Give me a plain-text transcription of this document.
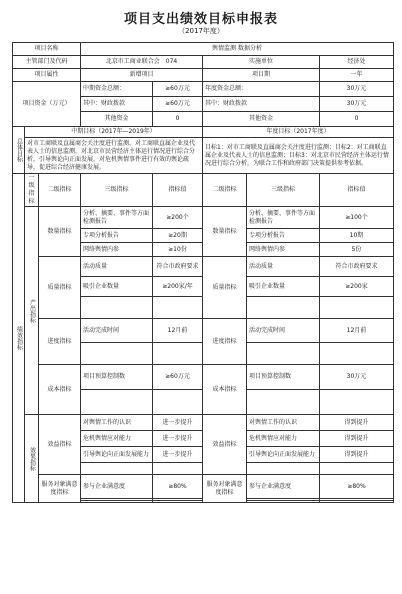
项目支出绩效目标申报表
（2017年度）
项目名称			舆情监测 数据分析				
主管部门及代码			北京市工商业联合会　074		实施单位		经济处
项目属性			新增项目		项目期		一年
项目资金（万元）			中期资金总额：	≥60万元	年度资金总额：		30万元
			其中：财政拨款	≥60万元	其中：财政拨款		30万元
			其他资金	0	其他资金		0
总体目标	中期目标（2017年—2019年）				年度目标（2017年度）		
	对市工商联及直属商会关注度进行监测，对工商联直属企业及代表人士的信息监测，对北京市民营经济主体运行情况进行综合分析，引导舆论向正面发展，对危机舆情事件进行有效的舆论疏导，促进综合经济健康发展。				目标1：对市工商联及直属商会关注度进行监测；目标2：对工商联直属企业及代表人士的信息监测；目标3：对北京市民营经济主体运行情况进行综合分析，为联合工作和政府部门决策提供参考依据。		
绩效指标	一级指标	二级指标	三级指标	指标值	二级指标	三级指标	指标值
	产出指标	数量指标	分析、摘要、事件等方面检测报告	≥200个	数量指标	分析、摘要、事件等方面检测报告	≥100个
			专项分析报告	≥20期		专项分析报告	10期
			网络舆情内参	≥10份		网络舆情内参	5份
		质量指标	活动质量	符合市政府要求	质量指标	活动质量	符合市政府要求
			吸引企业数量	≥200家/年		吸引企业数量	≥200家

		进度指标	活动完成时间	12月前	进度指标	活动完成时间	12月前

		成本指标	项目预算控制数	≥60万元	成本指标	项目预算控制数	30万元

	效果指标	效益指标	对舆情工作的认识	进一步提升	效益指标	对舆情工作的认识	得到提升
			危机舆情应对能力	进一步提升		危机舆情应对能力	得到提升
			引导舆论向正面发展能力	进一步提升		引导舆论向正面发展能力	得到提升

		服务对象满意度指标	参与企业满意度	≥80%	服务对象满意度指标	参与企业满意度	≥80%
